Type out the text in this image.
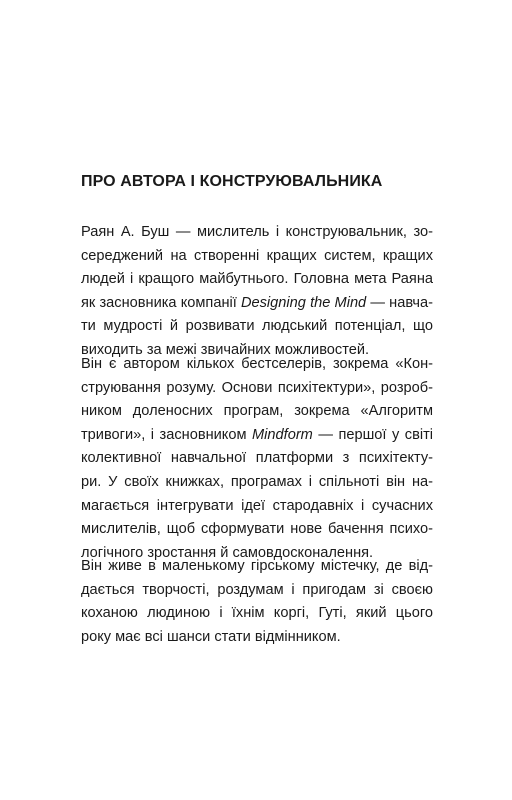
ПРО АВТОРА І КОНСТРУЮВАЛЬНИКА
Раян А. Буш — мислитель і конструювальник, зо-
середжений на створенні кращих систем, кращих
людей і кращого майбутнього. Головна мета Раяна
як засновника компанії Designing the Mind — навча-
ти мудрості й розвивати людський потенціал, що
виходить за межі звичайних можливостей.
Він є автором кількох бестселерів, зокрема «Кон-
струювання розуму. Основи психітектури», розроб-
ником доленосних програм, зокрема «Алгоритм
тривоги», і засновником Mindform — першої у світі
колективної навчальної платформи з психітекту-
ри. У своїх книжках, програмах і спільноті він на-
магається інтегрувати ідеї стародавніх і сучасних
мислителів, щоб сформувати нове бачення психо-
логічного зростання й самовдосконалення.
Він живе в маленькому гірському містечку, де від-
дається творчості, роздумам і пригодам зі своєю
коханою людиною і їхнім коргі, Гуті, який цього
року має всі шанси стати відмінником.
